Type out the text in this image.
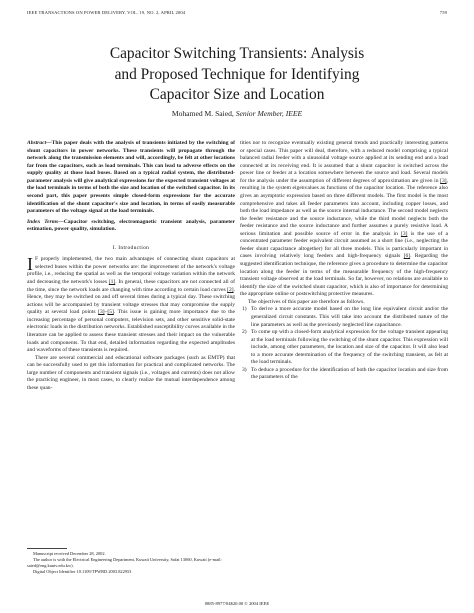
IEEE TRANSACTIONS ON POWER DELIVERY, VOL. 19, NO. 2, APRIL 2004	759
Capacitor Switching Transients: Analysis
and Proposed Technique for Identifying
Capacitor Size and Location
Mohamed M. Saied, Senior Member, IEEE

Abstract—This paper deals with the analysis of transients initiated by the switching of shunt capacitors in power networks. These transients will propagate through the network along the transmission elements and will, accordingly, be felt at other locations far from the capacitors, such as load terminals. This can lead to adverse effects on the supply quality at those load buses. Based on a typical radial system, the distributed-parameter analysis will give analytical expressions for the expected transient voltages at the load terminals in terms of both the size and location of the switched capacitor. In its second part, this paper presents simple closed-form expressions for the accurate identification of the shunt capacitor's size and location, in terms of easily measurable parameters of the voltage signal at the load terminals.

Index Terms—Capacitor switching, electromagnetic transient analysis, parameter estimation, power quality, simulation.

I. Introduction

I F properly implemented, the two main advantages of connecting shunt capacitors at selected buses within the power networks are: the improvement of the network's voltage profile, i.e., reducing the spatial as well as the temporal voltage variation within the network and decreasing the network's losses [1]. In general, these capacitors are not connected all of the time, since the network loads are changing with time according to certain load curves [2]. Hence, they may be switched on and off several times during a typical day. These switching actions will be accompanied by transient voltage stresses that may compromise the supply quality at several load points [3]–[5]. This issue is gaining more importance due to the increasing percentage of personal computers, television sets, and other sensitive solid-state electronic loads in the distribution networks. Established susceptibility curves available in the literature can be applied to assess these transient stresses and their impact on the vulnerable loads and components. To that end, detailed information regarding the expected amplitudes and waveforms of these transients is required.

There are several commercial and educational software packages (such as EMTP) that can be successfully used to get this information for practical and complicated networks. The large number of components and transient signals (i.e., voltages and currents) does not allow the practicing engineer, in most cases, to clearly realize the mutual interdependence among these quan-

Manuscript received December 28, 2002.

The author is with the Electrical Engineering Department, Kuwait University, Safat 13060, Kuwait (e-mail: saied@eng.kuniv.edu.kw).

Digital Object Identifier 10.1109/TPWRD.2003.822953

tities nor to recognize eventually existing general trends and practically interesting patterns or special cases. This paper will deal, therefore, with a reduced model comprising a typical balanced radial feeder with a sinusoidal voltage source applied at its sending end and a load connected at its receiving end. It is assumed that a shunt capacitor is switched across the power line or feeder at a location somewhere between the source and load. Several models for the analysis under the assumption of different degrees of approximation are given in [3], resulting in the system eigenvalues as functions of the capacitor location. The reference also gives an asymptotic expression based on three different models. The first model is the most comprehensive and takes all feeder parameters into account, including copper losses, and both the load impedance as well as the source internal inductance. The second model neglects the feeder resistance and the source inductance, while the third model neglects both the feeder resistance and the source inductance and further assumes a purely resistive load. A serious limitation and possible source of error in the analysis in [3] is the use of a concentrated parameter feeder equivalent circuit assumed as a short line (i.e., neglecting the feeder shunt capacitance altogether) for all three models. This is particularly important in cases involving relatively long feeders and high-frequency signals [6]. Regarding the suggested identification technique, the reference gives a procedure to determine the capacitor location along the feeder in terms of the measurable frequency of the high-frequency transient voltage observed at the load terminals. So far, however, no relations are available to identify the size of the switched shunt capacitor, which is also of importance for determining the appropriate online or postswitching protective measures.

The objectives of this paper are therefore as follows.

1) To derive a more accurate model based on the long line equivalent circuit and/or the generalized circuit constants. This will take into account the distributed nature of the line parameters as well as the previously neglected line capacitance.
2) To come up with a closed-form analytical expression for the voltage transient appearing at the load terminals following the switching of the shunt capacitor. This expression will include, among other parameters, the location and size of the capacitor. It will also lead to a more accurate determination of the frequency of the switching transient, as felt at the load terminals.
3) To deduce a procedure for the identification of both the capacitor location and size from the parameters of the
0885-8977/04$20.00 © 2004 IEEE
